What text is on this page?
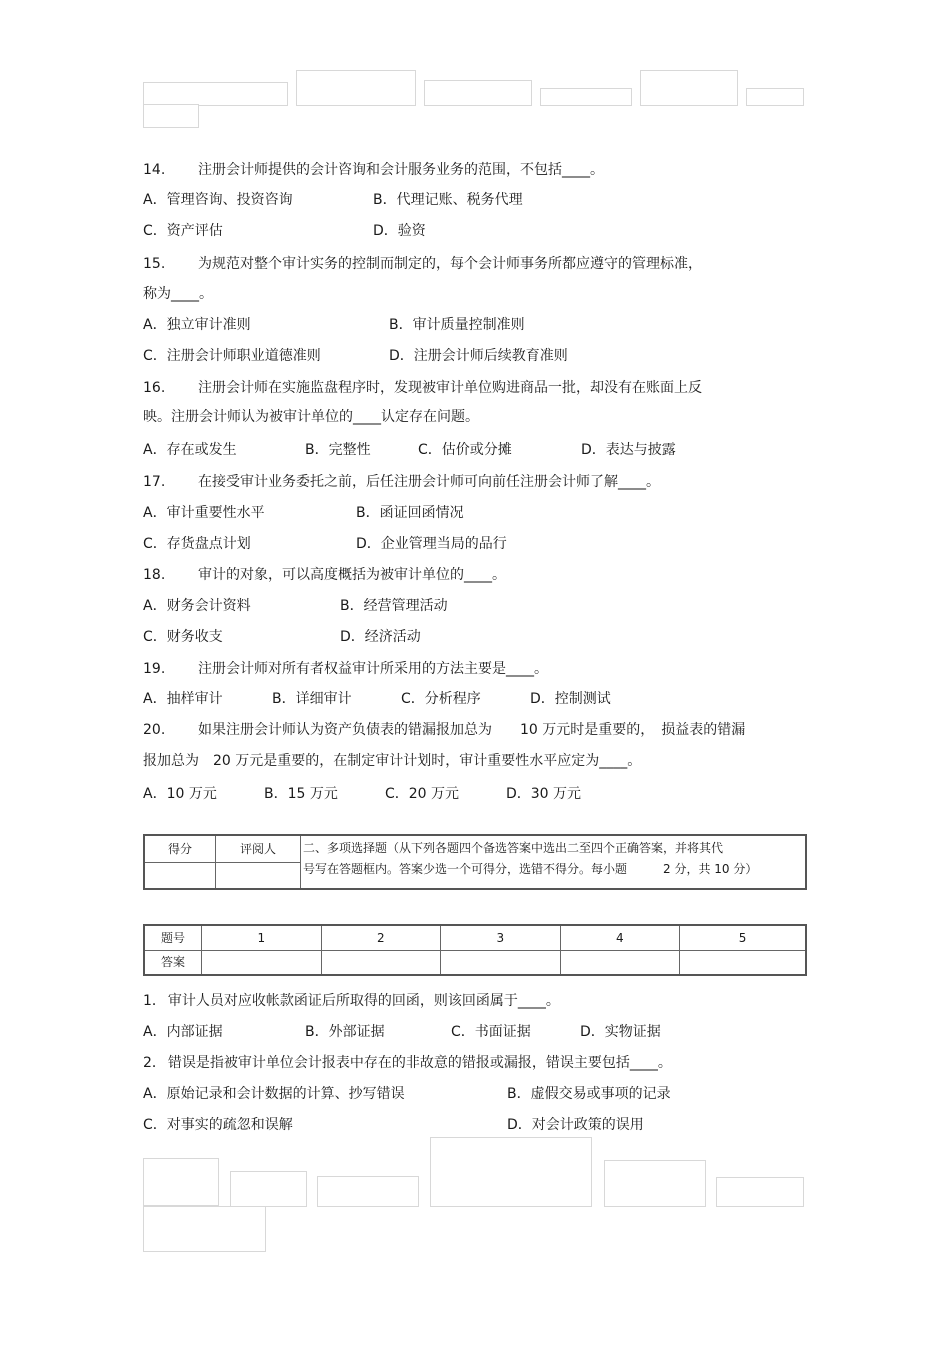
14. 注册会计师提供的会计咨询和会计服务业务的范围，不包括____。
A．管理咨询、投资咨询	B．代理记账、税务代理
C．资产评估	D．验资
15. 为规范对整个审计实务的控制而制定的，每个会计师事务所都应遵守的管理标准，
称为____。
A．独立审计准则	B．审计质量控制准则
C．注册会计师职业道德准则	D．注册会计师后续教育准则
16. 注册会计师在实施监盘程序时，发现被审计单位购进商品一批，却没有在账面上反
映。注册会计师认为被审计单位的____认定存在问题。
A．存在或发生	B．完整性	C．估价或分摊	D．表达与披露
17. 在接受审计业务委托之前，后任注册会计师可向前任注册会计师了解____。
A．审计重要性水平	B．函证回函情况
C．存货盘点计划	D．企业管理当局的品行
18. 审计的对象，可以高度概括为被审计单位的____。
A．财务会计资料	B．经营管理活动
C．财务收支	D．经济活动
19. 注册会计师对所有者权益审计所采用的方法主要是____。
A．抽样审计	B．详细审计	C．分析程序	D．控制测试
20. 如果注册会计师认为资产负债表的错漏报加总为　　10 万元时是重要的，　损益表的错漏
报加总为　20 万元是重要的，在制定审计计划时，审计重要性水平应定为____。
A．10 万元	B．15 万元	C．20 万元	D．30 万元
得分	评阅人	
	二、多项选择题（从下列各题四个备选答案中选出二至四个正确答案，并将其代
号写在答题框内。答案少选一个可得分，选错不得分。每小题　　　2 分，共 10 分）
题号	1	2	3	4	5
答案					
1． 审计人员对应收帐款函证后所取得的回函，则该回函属于____。
A．内部证据	B．外部证据	C．书面证据	D．实物证据
2． 错误是指被审计单位会计报表中存在的非故意的错报或漏报，错误主要包括____。
A．原始记录和会计数据的计算、抄写错误	B．虚假交易或事项的记录
C．对事实的疏忽和误解	D．对会计政策的误用
